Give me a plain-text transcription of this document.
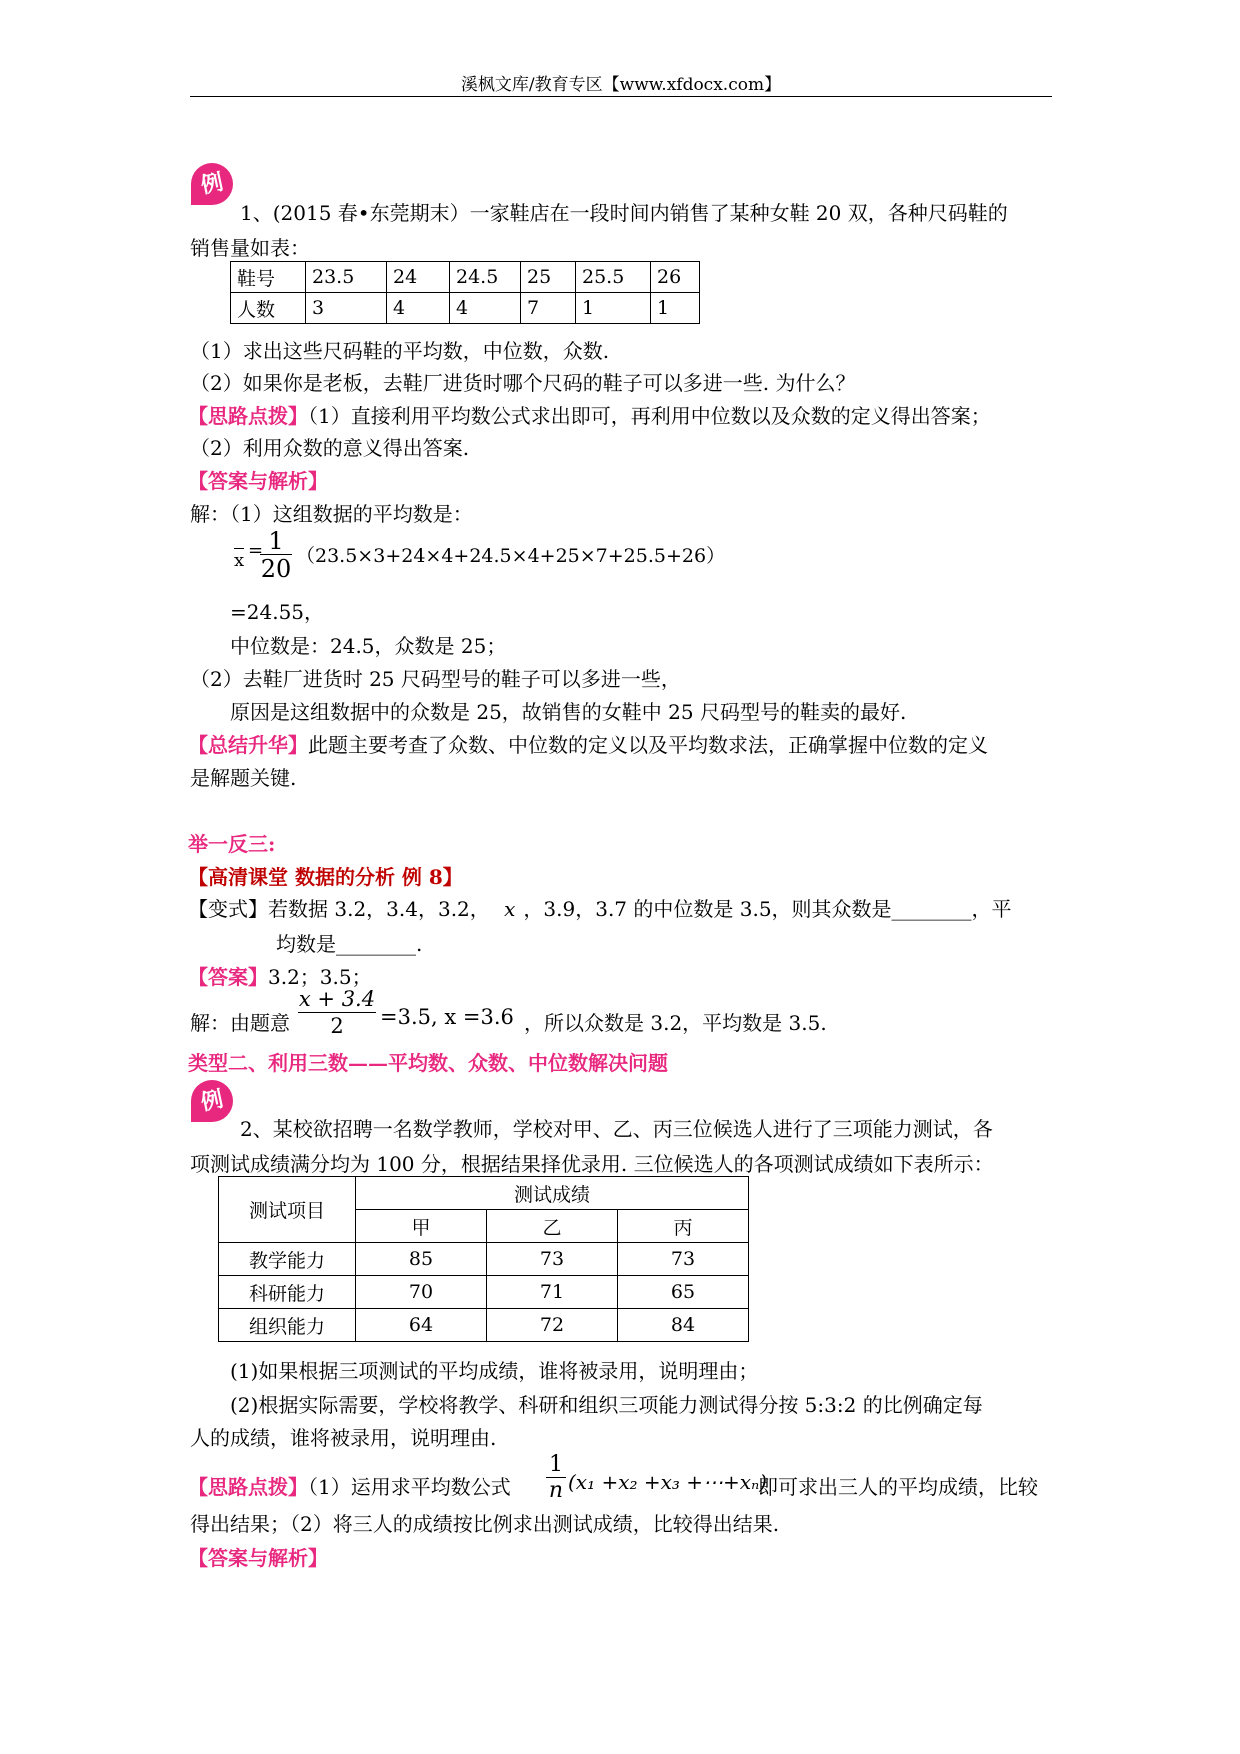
溪枫文库/教育专区【www.xfdocx.com】
例
1、(2015 春•东莞期末）一家鞋店在一段时间内销售了某种女鞋 20 双，各种尺码鞋的
销售量如表：
鞋号	23.5	24	24.5	25	25.5	26
人数	3	4	4	7	1	1
（1）求出这些尺码鞋的平均数，中位数，众数.
（2）如果你是老板，去鞋厂进货时哪个尺码的鞋子可以多进一些. 为什么？
【思路点拨】（1）直接利用平均数公式求出即可，再利用中位数以及众数的定义得出答案；
（2）利用众数的意义得出答案.
【答案与解析】
解：（1）这组数据的平均数是：
x =
$\frac{1}{20} (23.5\times 3+24\times 4+24.5\times 4+25\times 7+25.5+26)$
=24.55，
中位数是：24.5，众数是 25；
（2）去鞋厂进货时 25 尺码型号的鞋子可以多进一些，
原因是这组数据中的众数是 25，故销售的女鞋中 25 尺码型号的鞋卖的最好.
【总结升华】此题主要考查了众数、中位数的定义以及平均数求法，正确掌握中位数的定义
是解题关键.
举一反三:
【高清课堂 数据的分析 例 8】
【变式】若数据 3.2，3.4，3.2， x ，3.9，3.7 的中位数是 3.5，则其众数是________，平
均数是________.
【答案】3.2；3.5；
解：由题意 $\frac{x + 3.4}{2} =3.5$, x =3.6 ，所以众数是 3.2，平均数是 3.5.
类型二、利用三数——平均数、众数、中位数解决问题
例
2、某校欲招聘一名数学教师，学校对甲、乙、丙三位候选人进行了三项能力测试，各
项测试成绩满分均为 100 分，根据结果择优录用. 三位候选人的各项测试成绩如下表所示：
测试项目	测试成绩		
	甲	乙	丙
教学能力	85	73	73
科研能力	70	71	65
组织能力	64	72	84
(1)如果根据三项测试的平均成绩，谁将被录用，说明理由；
(2)根据实际需要，学校将教学、科研和组织三项能力测试得分按 5:3:2 的比例确定每
人的成绩，谁将被录用，说明理由.
【思路点拨】（1）运用求平均数公式 $\frac{1}{n} (x_1 +x_2 +x_3$ +⋯+xₙ)
即可求出三人的平均成绩，比较
得出结果；（2）将三人的成绩按比例求出测试成绩，比较得出结果.
【答案与解析】
